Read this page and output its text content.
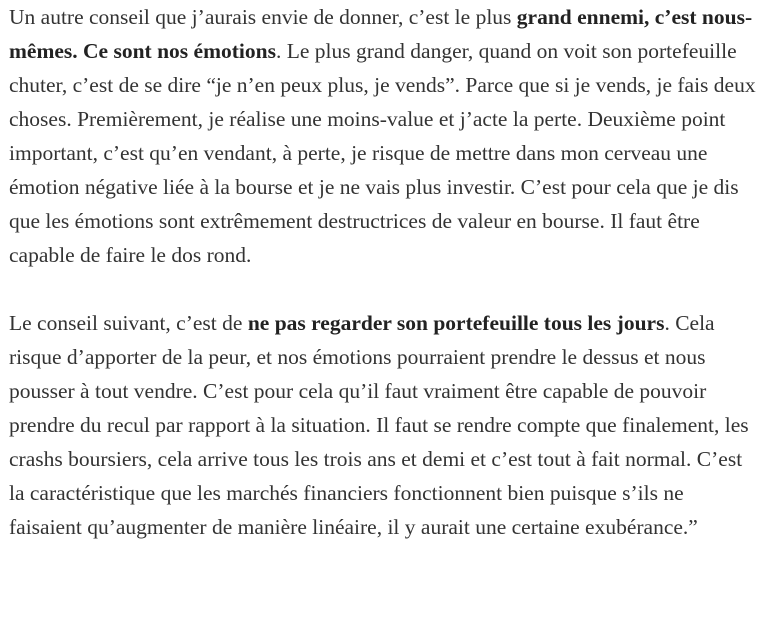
Un autre conseil que j’aurais envie de donner, c’est le plus grand ennemi, c’est nous-mêmes. Ce sont nos émotions. Le plus grand danger, quand on voit son portefeuille chuter, c’est de se dire “je n’en peux plus, je vends”. Parce que si je vends, je fais deux choses. Premièrement, je réalise une moins-value et j’acte la perte. Deuxième point important, c’est qu’en vendant, à perte, je risque de mettre dans mon cerveau une émotion négative liée à la bourse et je ne vais plus investir. C’est pour cela que je dis que les émotions sont extrêmement destructrices de valeur en bourse. Il faut être capable de faire le dos rond.

Le conseil suivant, c’est de ne pas regarder son portefeuille tous les jours. Cela risque d’apporter de la peur, et nos émotions pourraient prendre le dessus et nous pousser à tout vendre. C’est pour cela qu’il faut vraiment être capable de pouvoir prendre du recul par rapport à la situation. Il faut se rendre compte que finalement, les crashs boursiers, cela arrive tous les trois ans et demi et c’est tout à fait normal. C’est la caractéristique que les marchés financiers fonctionnent bien puisque s’ils ne faisaient qu’augmenter de manière linéaire, il y aurait une certaine exubérance.”
